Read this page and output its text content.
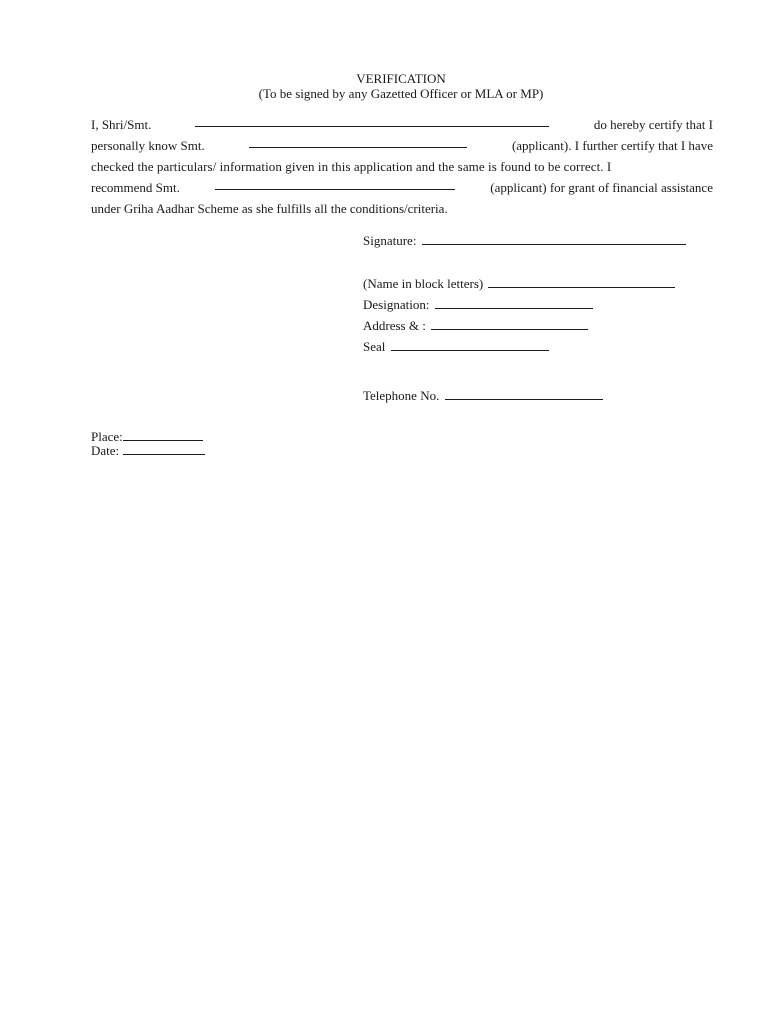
VERIFICATION
(To be signed by any Gazetted Officer or MLA or MP)
I, Shri/Smt.	do hereby certify that I
personally know Smt.	(applicant). I further certify that I have
checked the particulars/ information given in this application and the same is found to be correct. I
recommend Smt.	(applicant) for grant of financial assistance
under Griha Aadhar Scheme as she fulfills all the conditions/criteria.
Signature:
(Name in block letters)
Designation:
Address & :
Seal
Telephone No.
Place:
Date:
